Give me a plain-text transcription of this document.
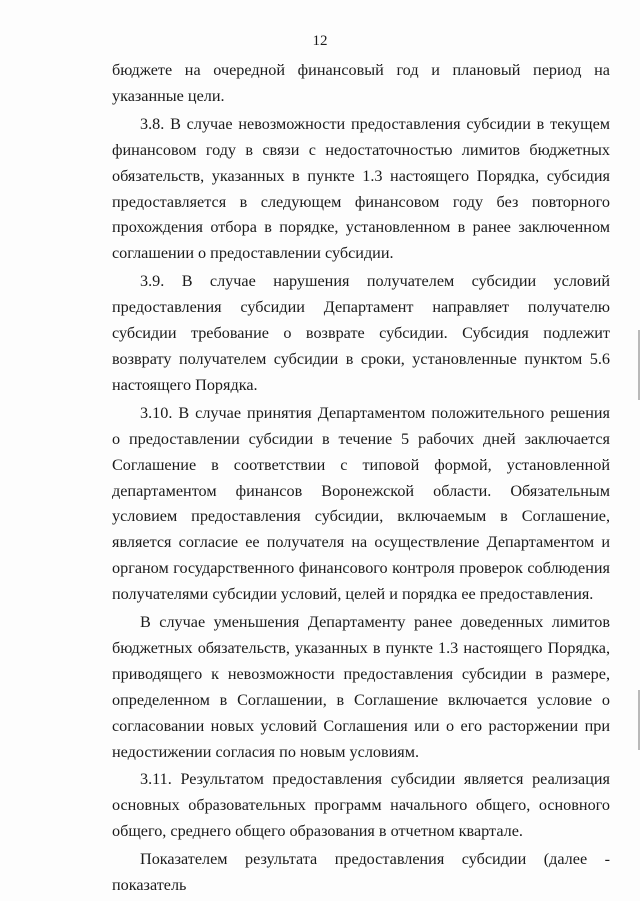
12

бюджете на очередной финансовый год и плановый период на указанные цели.

3.8. В случае невозможности предоставления субсидии в текущем финансовом году в связи с недостаточностью лимитов бюджетных обязательств, указанных в пункте 1.3 настоящего Порядка, субсидия предоставляется в следующем финансовом году без повторного прохождения отбора в порядке, установленном в ранее заключенном соглашении о предоставлении субсидии.

3.9. В случае нарушения получателем субсидии условий предоставления субсидии Департамент направляет получателю субсидии требование о возврате субсидии. Субсидия подлежит возврату получателем субсидии в сроки, установленные пунктом 5.6 настоящего Порядка.

3.10. В случае принятия Департаментом положительного решения о предоставлении субсидии в течение 5 рабочих дней заключается Соглашение в соответствии с типовой формой, установленной департаментом финансов Воронежской области. Обязательным условием предоставления субсидии, включаемым в Соглашение, является согласие ее получателя на осуществление Департаментом и органом государственного финансового контроля проверок соблюдения получателями субсидии условий, целей и порядка ее предоставления.

В случае уменьшения Департаменту ранее доведенных лимитов бюджетных обязательств, указанных в пункте 1.3 настоящего Порядка, приводящего к невозможности предоставления субсидии в размере, определенном в Соглашении, в Соглашение включается условие о согласовании новых условий Соглашения или о его расторжении при недостижении согласия по новым условиям.

3.11. Результатом предоставления субсидии является реализация основных образовательных программ начального общего, основного общего, среднего общего образования в отчетном квартале.

Показателем результата предоставления субсидии (далее - показатель
